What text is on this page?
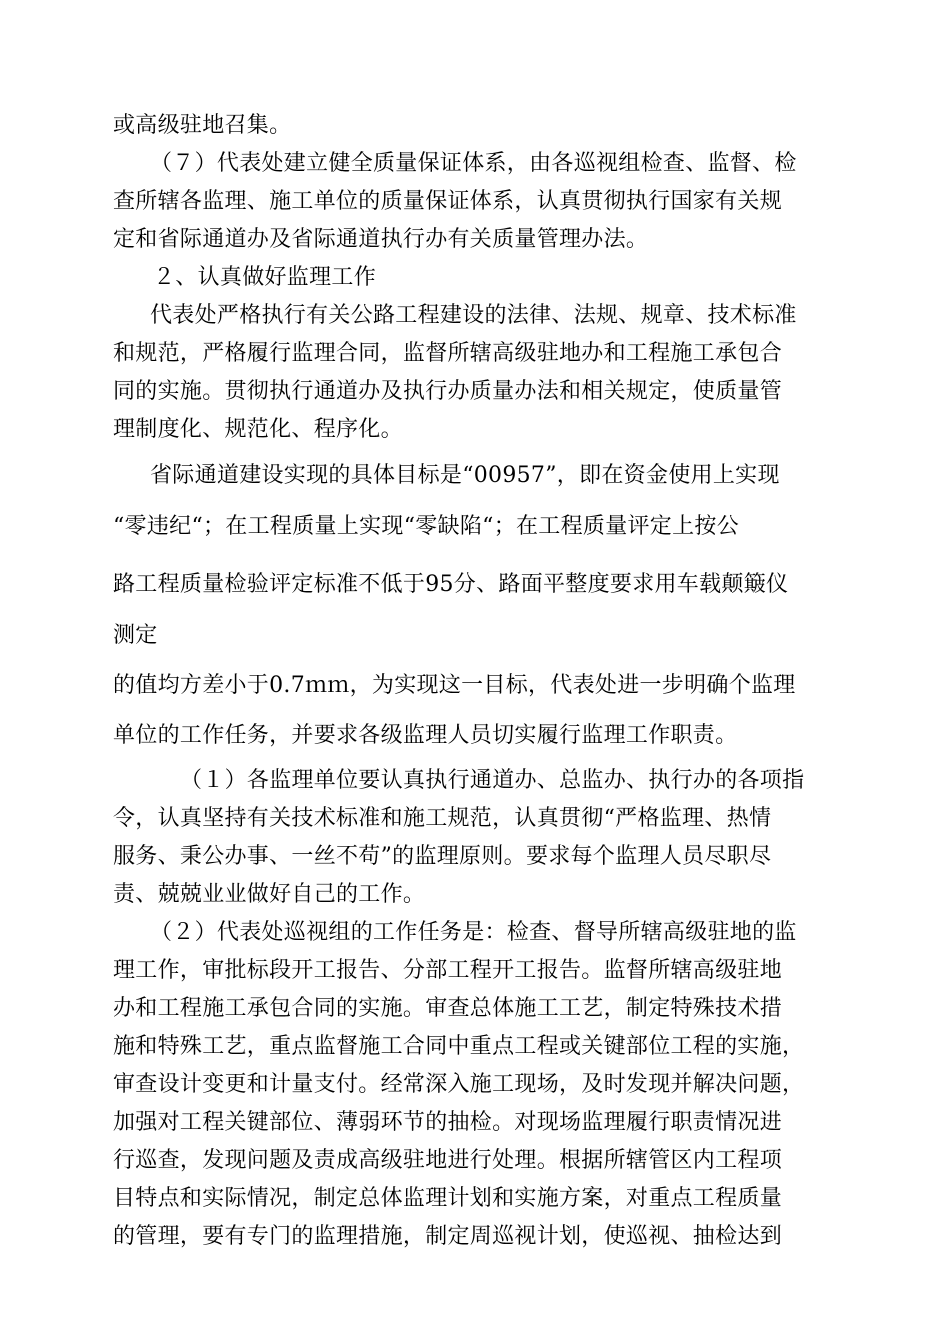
或高级驻地召集。
（７）代表处建立健全质量保证体系，由各巡视组检查、监督、检
查所辖各监理、施工单位的质量保证体系，认真贯彻执行国家有关规
定和省际通道办及省际通道执行办有关质量管理办法。
２、认真做好监理工作
代表处严格执行有关公路工程建设的法律、法规、规章、技术标准
和规范，严格履行监理合同，监督所辖高级驻地办和工程施工承包合
同的实施。贯彻执行通道办及执行办质量办法和相关规定，使质量管
理制度化、规范化、程序化。
省际通道建设实现的具体目标是“00957”，即在资金使用上实现
“零违纪“；在工程质量上实现“零缺陷“；在工程质量评定上按公
路工程质量检验评定标准不低于95分、路面平整度要求用车载颠簸仪
测定
的值均方差小于0.7ｍｍ，为实现这一目标，代表处进一步明确个监理
单位的工作任务，并要求各级监理人员切实履行监理工作职责。
（１）各监理单位要认真执行通道办、总监办、执行办的各项指
令，认真坚持有关技术标准和施工规范，认真贯彻“严格监理、热情
服务、秉公办事、一丝不苟”的监理原则。要求每个监理人员尽职尽
责、兢兢业业做好自己的工作。
（２）代表处巡视组的工作任务是：检查、督导所辖高级驻地的监
理工作，审批标段开工报告、分部工程开工报告。监督所辖高级驻地
办和工程施工承包合同的实施。审查总体施工工艺，制定特殊技术措
施和特殊工艺，重点监督施工合同中重点工程或关键部位工程的实施，
审查设计变更和计量支付。经常深入施工现场，及时发现并解决问题，
加强对工程关键部位、薄弱环节的抽检。对现场监理履行职责情况进
行巡查，发现问题及责成高级驻地进行处理。根据所辖管区内工程项
目特点和实际情况，制定总体监理计划和实施方案，对重点工程质量
的管理，要有专门的监理措施，制定周巡视计划，使巡视、抽检达到
